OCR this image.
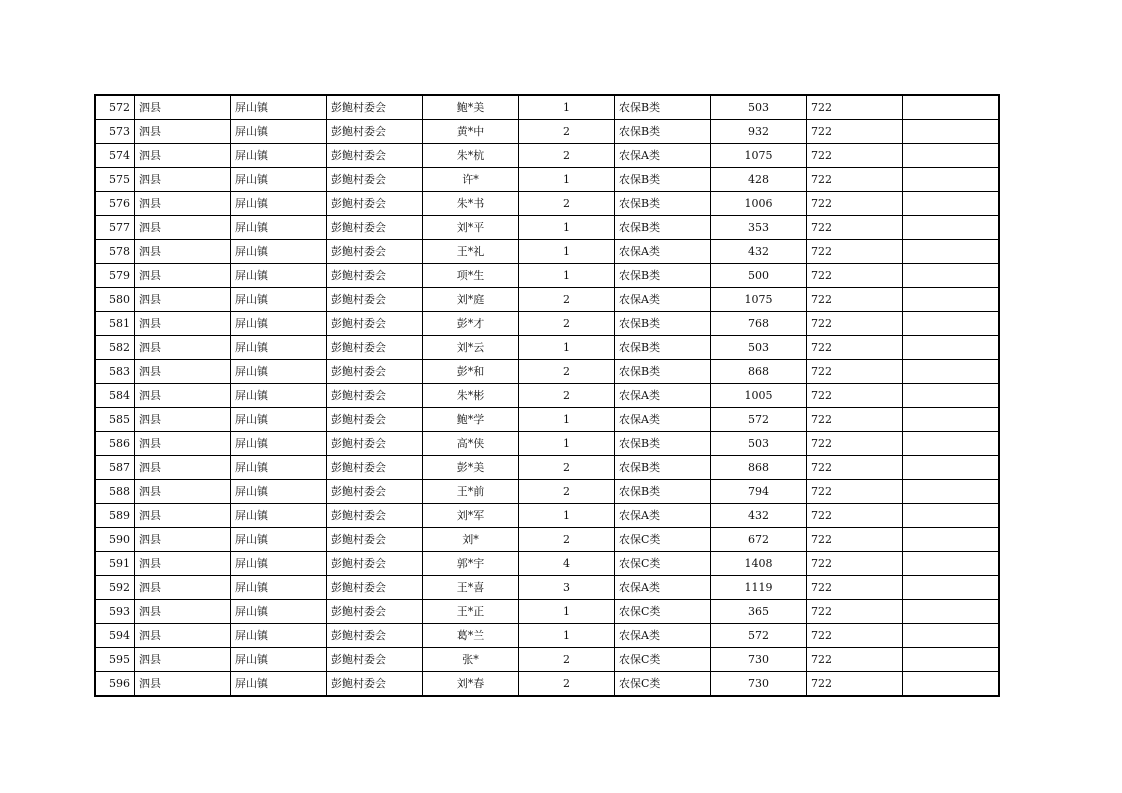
572	泗县	屏山镇	彭鲍村委会	鲍*美	1	农保B类	503	722	
573	泗县	屏山镇	彭鲍村委会	黄*中	2	农保B类	932	722	
574	泗县	屏山镇	彭鲍村委会	朱*杭	2	农保A类	1075	722	
575	泗县	屏山镇	彭鲍村委会	许*	1	农保B类	428	722	
576	泗县	屏山镇	彭鲍村委会	朱*书	2	农保B类	1006	722	
577	泗县	屏山镇	彭鲍村委会	刘*平	1	农保B类	353	722	
578	泗县	屏山镇	彭鲍村委会	王*礼	1	农保A类	432	722	
579	泗县	屏山镇	彭鲍村委会	项*生	1	农保B类	500	722	
580	泗县	屏山镇	彭鲍村委会	刘*庭	2	农保A类	1075	722	
581	泗县	屏山镇	彭鲍村委会	彭*才	2	农保B类	768	722	
582	泗县	屏山镇	彭鲍村委会	刘*云	1	农保B类	503	722	
583	泗县	屏山镇	彭鲍村委会	彭*和	2	农保B类	868	722	
584	泗县	屏山镇	彭鲍村委会	朱*彬	2	农保A类	1005	722	
585	泗县	屏山镇	彭鲍村委会	鲍*学	1	农保A类	572	722	
586	泗县	屏山镇	彭鲍村委会	高*侠	1	农保B类	503	722	
587	泗县	屏山镇	彭鲍村委会	彭*美	2	农保B类	868	722	
588	泗县	屏山镇	彭鲍村委会	王*前	2	农保B类	794	722	
589	泗县	屏山镇	彭鲍村委会	刘*军	1	农保A类	432	722	
590	泗县	屏山镇	彭鲍村委会	刘*	2	农保C类	672	722	
591	泗县	屏山镇	彭鲍村委会	郭*宇	4	农保C类	1408	722	
592	泗县	屏山镇	彭鲍村委会	王*喜	3	农保A类	1119	722	
593	泗县	屏山镇	彭鲍村委会	王*正	1	农保C类	365	722	
594	泗县	屏山镇	彭鲍村委会	葛*兰	1	农保A类	572	722	
595	泗县	屏山镇	彭鲍村委会	张*	2	农保C类	730	722	
596	泗县	屏山镇	彭鲍村委会	刘*春	2	农保C类	730	722	
